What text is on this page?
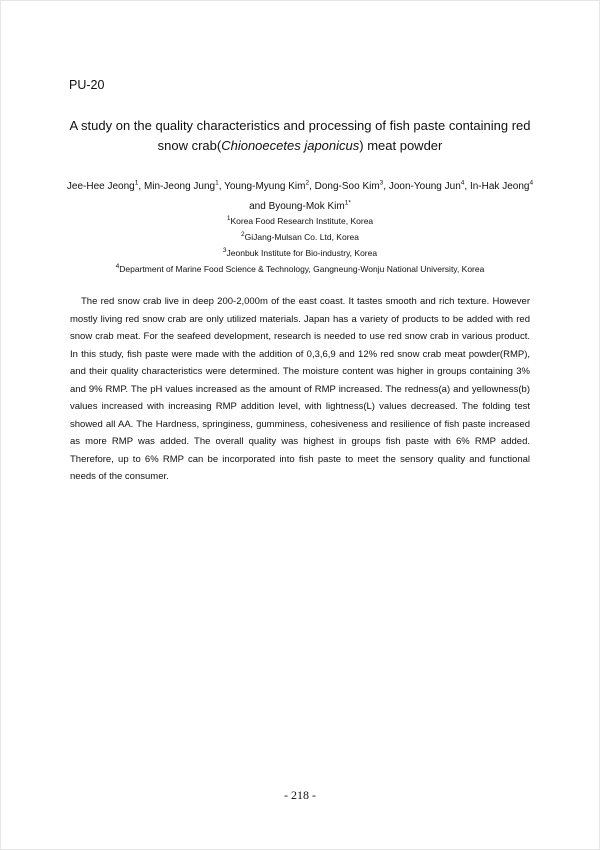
PU-20
A study on the quality characteristics and processing of fish paste containing red snow crab(Chionoecetes japonicus) meat powder
Jee-Hee Jeong$^1$, Min-Jeong Jung$^1$, Young-Myung Kim$^2$, Dong-Soo Kim$^3$, Joon-Young Jun$^4$, In-Hak Jeong$^4$ and Byoung-Mok Kim$^{1*}$
$^1$Korea Food Research Institute, Korea
$^2$GiJang-Mulsan Co. Ltd, Korea
$^3$Jeonbuk Institute for Bio-industry, Korea
$^4$Department of Marine Food Science & Technology, Gangneung-Wonju National University, Korea

The red snow crab live in deep 200-2,000m of the east coast. It tastes smooth and rich texture. However mostly living red snow crab are only utilized materials. Japan has a variety of products to be added with red snow crab meat. For the seafeed development, research is needed to use red snow crab in various product. In this study, fish paste were made with the addition of 0,3,6,9 and 12% red snow crab meat powder(RMP), and their quality characteristics were determined. The moisture content was higher in groups containing 3% and 9% RMP. The pH values increased as the amount of RMP increased. The redness(a) and yellowness(b) values increased with increasing RMP addition level, with lightness(L) values decreased. The folding test showed all AA. The Hardness, springiness, gumminess, cohesiveness and resilience of fish paste increased as more RMP was added. The overall quality was highest in groups fish paste with 6% RMP added. Therefore, up to 6% RMP can be incorporated into fish paste to meet the sensory quality and functional needs of the consumer.

- 218 -
